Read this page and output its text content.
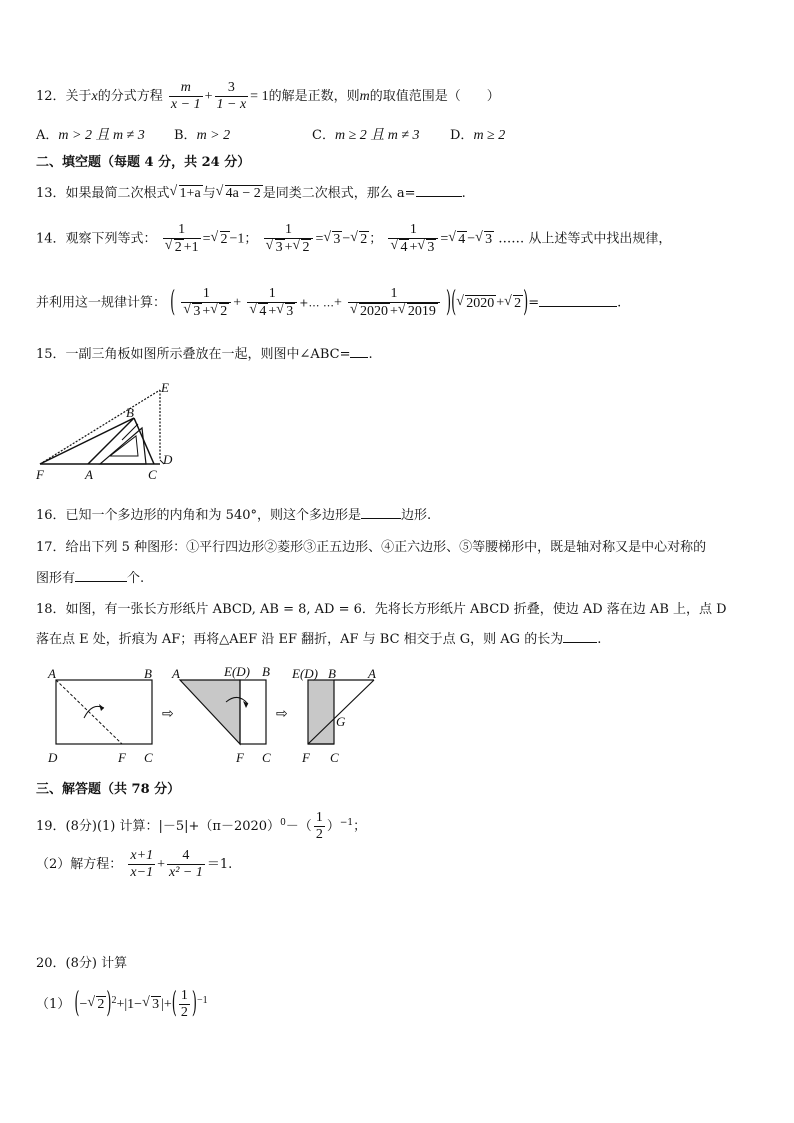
12．关于x的分式方程 $\frac{m}{x - 1} + \frac{3}{1 - x} = 1$的解是正数，则m的取值范围是（　　）
A．m > 2 且 m ≠ 3 B．m > 2	C．m ≥ 2 且 m ≠ 3 D．m ≥ 2
二、填空题（每题 4 分，共 24 分）
13．如果最简二次根式 √ 1+a 与 √ 4a − 2 是同类二次根式，那么 a=	.
14．观察下列等式： 1
√ 2 +1 = √ 2 −1； 1
√ 3 + √ 2 = √ 3 − √ 2 ； 1
√ 4 + √ 3 = √ 4 − √ 3 …… 从上述等式中找出规律，
并利用这一规律计算： ( 1
√ 3 + √ 2 + 1
√ 4 + √ 3 +… …+ 1
√ 2020 + √ 2019 )( √ 2020 + √ 2 )=	.
15．一副三角板如图所示叠放在一起，则图中∠ABC= .
E
B
F	A	C
D
16．已知一个多边形的内角和为 540°，则这个多边形是	边形.
17．给出下列 5 种图形：①平行四边形②菱形③正五边形、④正六边形、⑤等腰梯形中，既是轴对称又是中心对称的
图形有	个.
18．如图，有一张长方形纸片 ABCD, AB = 8, AD = 6．先将长方形纸片 ABCD 折叠，使边 AD 落在边 AB 上，点 D
落在点 E 处，折痕为 AF；再将△AEF 沿 EF 翻折，AF 与 BC 相交于点 G，则 AG 的长为	.
A	B
D	F C
⇨
A	E(D) B
F C
⇨
E(D) B A
G
F C
三、解答题（共 78 分）
19．(8分)(1) 计算：$|-5|+(\pi-2020)^0-( \frac{1}{2} )^{-1}$；
（2）解方程： $\frac{x+1}{x-1} + \frac{4}{\text{x² − 1}} =1$.
20．(8分) 计算
（1） (− √ 2 )$^2$+|1− √ 3 |+( $\frac{1}{2} )^{-1}$
